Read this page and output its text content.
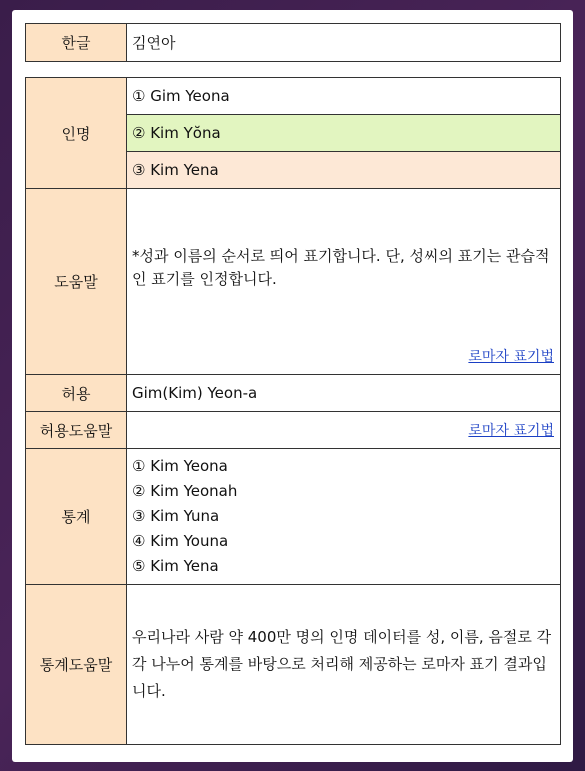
한글	김연아
인명	① Gim Yeona
	② Kim Yŏna
	③ Kim Yena
도움말	*성과 이름의 순서로 띄어 표기합니다. 단, 성씨의 표기는 관습적인 표기를 인정합니다.
로마자 표기법

허용	Gim(Kim) Yeon-a
허용도움말	로마자 표기법
통계	① Kim Yeona
② Kim Yeonah
③ Kim Yuna
④ Kim Youna
⑤ Kim Yena

통계도움말	우리나라 사람 약 400만 명의 인명 데이터를 성, 이름, 음절로 각각 나누어 통계를 바탕으로 처리해 제공하는 로마자 표기 결과입니다.
